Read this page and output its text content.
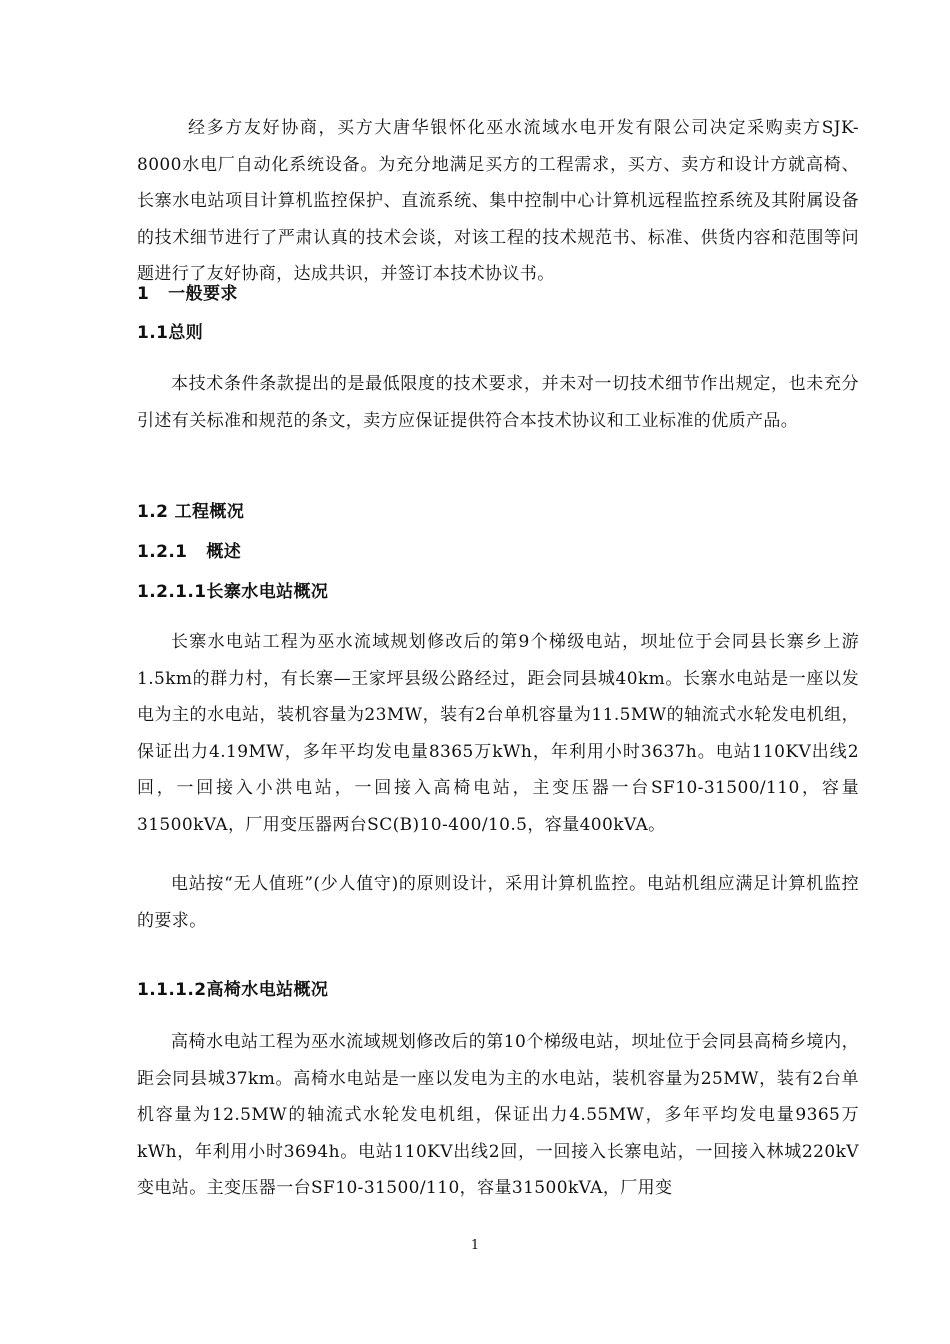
经多方友好协商，买方大唐华银怀化巫水流域水电开发有限公司决定采购卖方SJK-8000水电厂自动化系统设备。为充分地满足买方的工程需求，买方、卖方和设计方就高椅、长寨水电站项目计算机监控保护、直流系统、集中控制中心计算机远程监控系统及其附属设备的技术细节进行了严肃认真的技术会谈，对该工程的技术规范书、标准、供货内容和范围等问题进行了友好协商，达成共识，并签订本技术协议书。

1   一般要求
1.1总则

本技术条件条款提出的是最低限度的技术要求，并未对一切技术细节作出规定，也未充分引述有关标准和规范的条文，卖方应保证提供符合本技术协议和工业标准的优质产品。

1.2 工程概况
1.2.1   概述
1.2.1.1长寨水电站概况

长寨水电站工程为巫水流域规划修改后的第9个梯级电站，坝址位于会同县长寨乡上游1.5km的群力村，有长寨—王家坪县级公路经过，距会同县城40km。长寨水电站是一座以发电为主的水电站，装机容量为23MW，装有2台单机容量为11.5MW的轴流式水轮发电机组，保证出力4.19MW，多年平均发电量8365万kWh，年利用小时3637h。电站110KV出线2回，一回接入小洪电站，一回接入高椅电站，主变压器一台SF10-31500/110，容量31500kVA，厂用变压器两台SC(B)10-400/10.5，容量400kVA。

电站按“无人值班”(少人值守)的原则设计，采用计算机监控。电站机组应满足计算机监控的要求。

1.1.1.2高椅水电站概况

高椅水电站工程为巫水流域规划修改后的第10个梯级电站，坝址位于会同县高椅乡境内，距会同县城37km。高椅水电站是一座以发电为主的水电站，装机容量为25MW，装有2台单机容量为12.5MW的轴流式水轮发电机组，保证出力4.55MW，多年平均发电量9365万kWh，年利用小时3694h。电站110KV出线2回，一回接入长寨电站，一回接入林城220kV变电站。主变压器一台SF10-31500/110，容量31500kVA，厂用变

1
